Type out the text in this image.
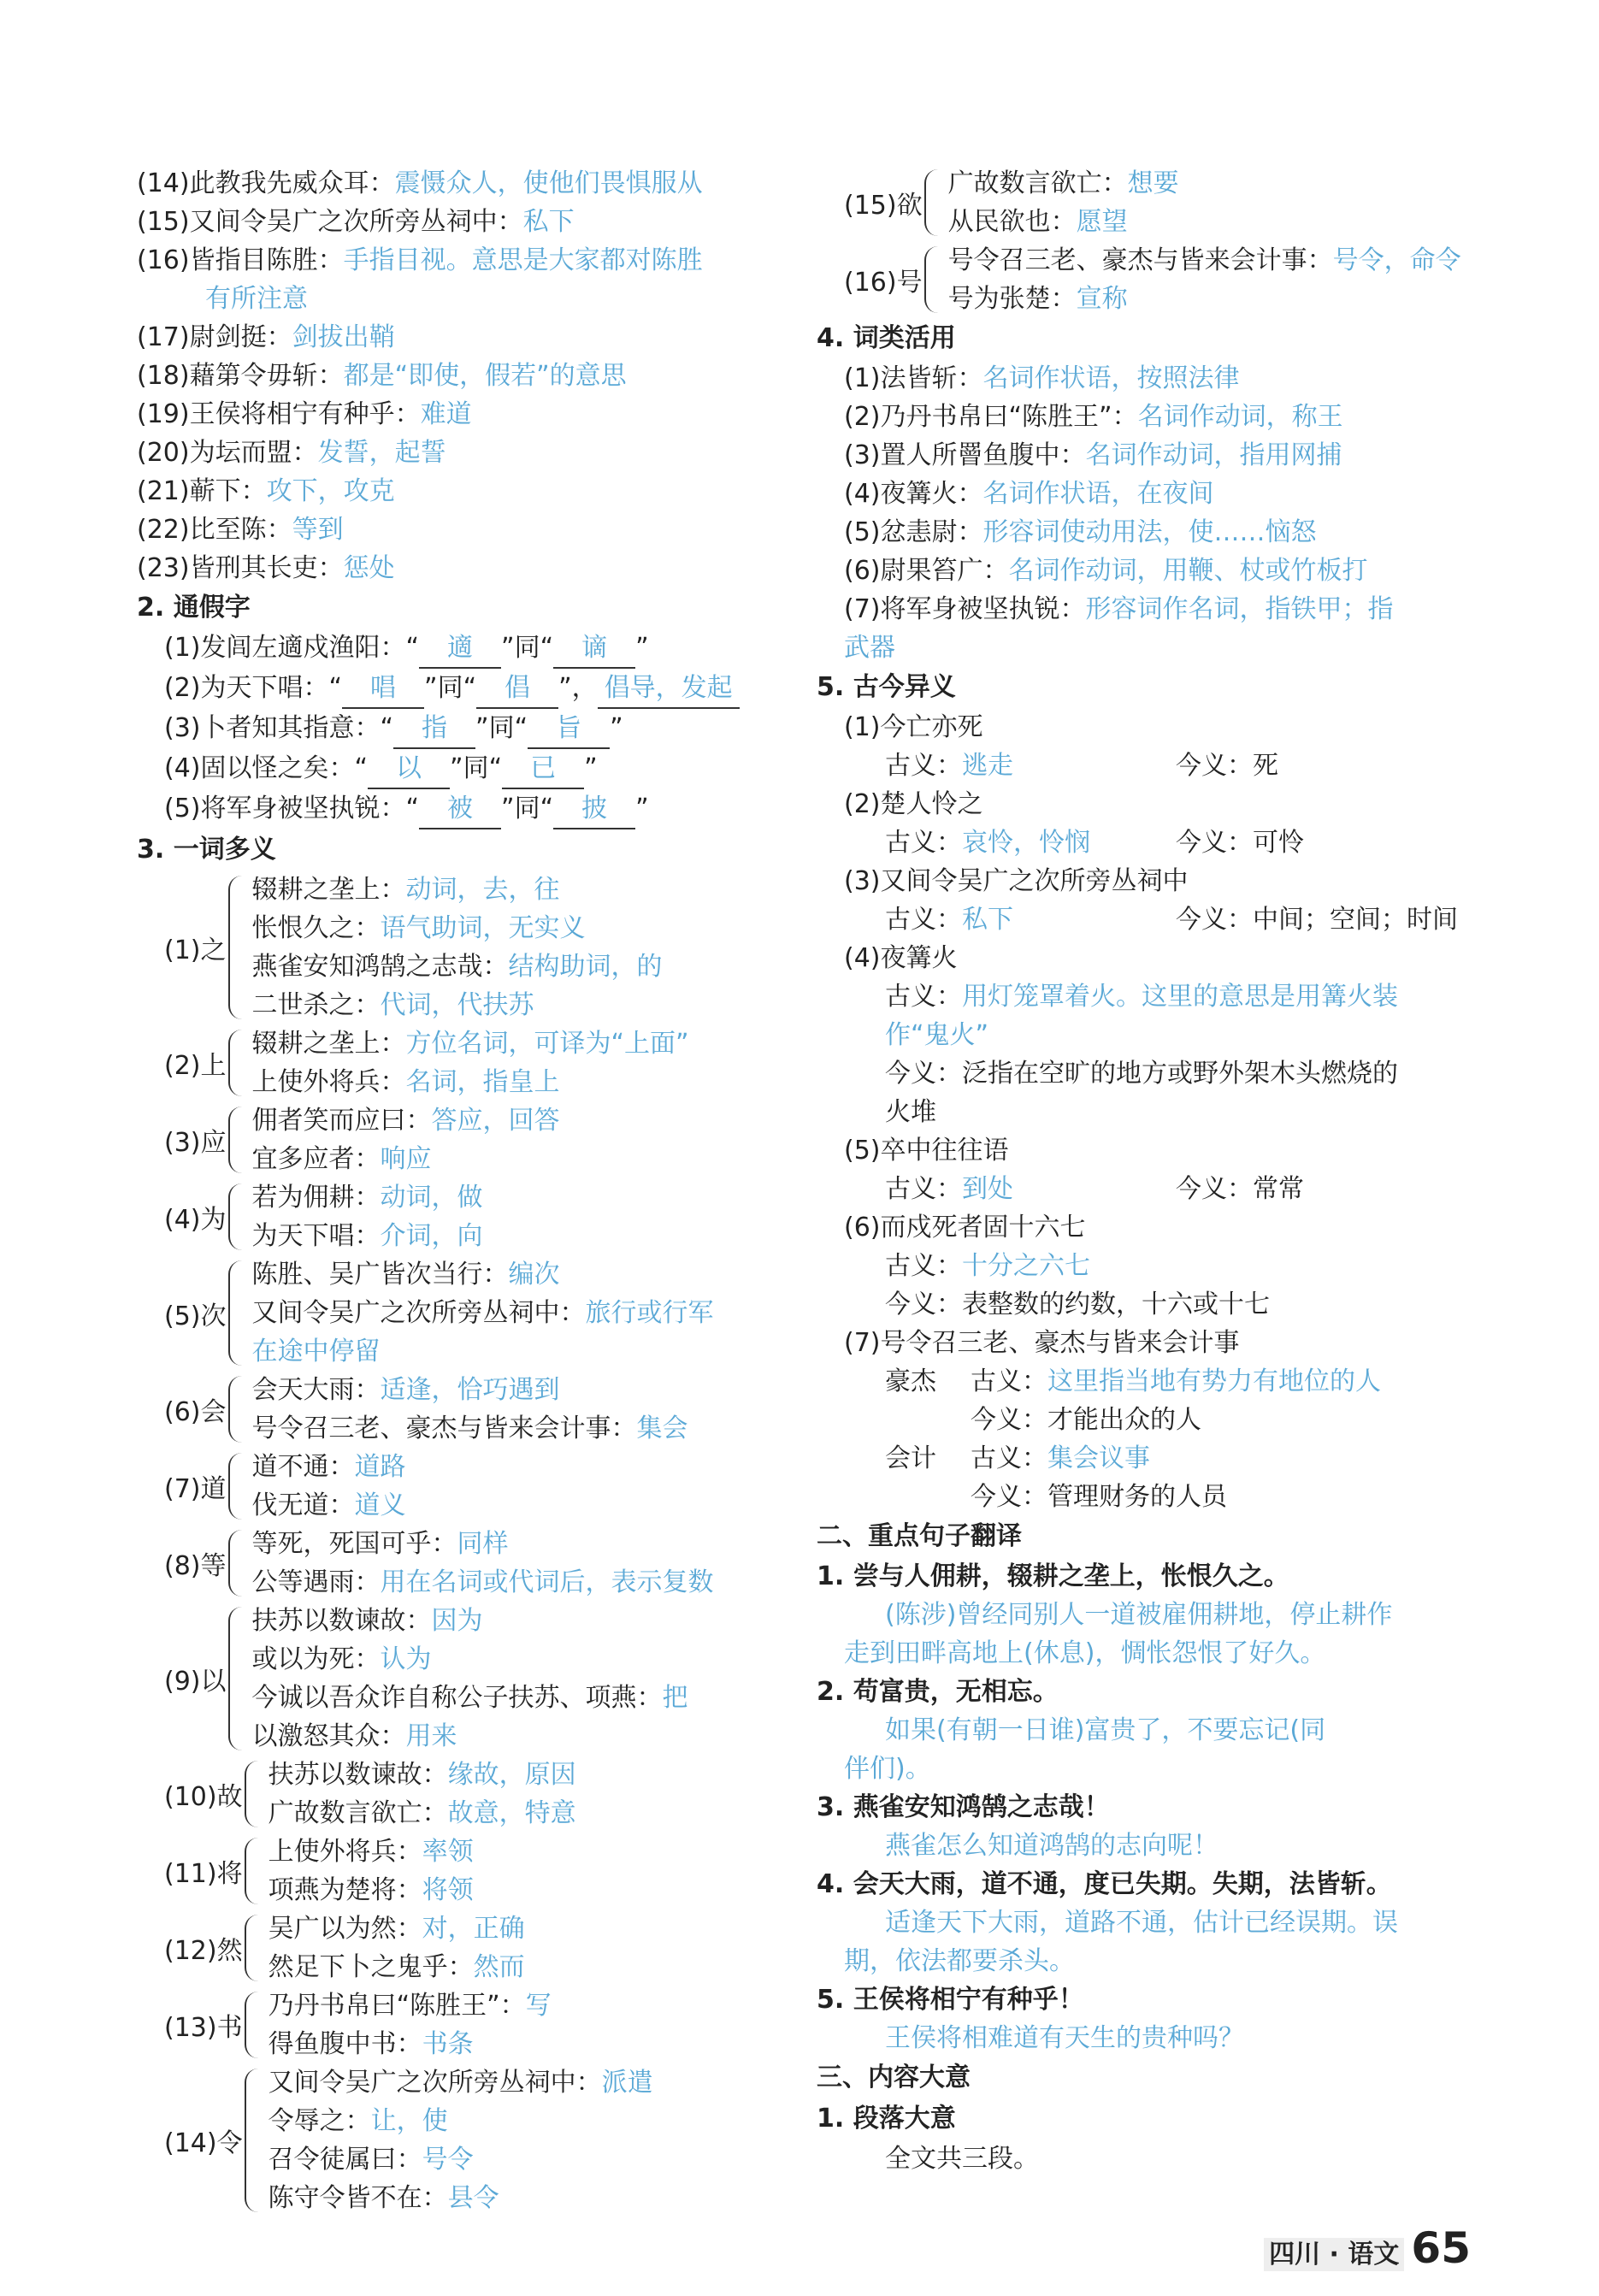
(14)此教我先威众耳：震慑众人，使他们畏惧服从
(15)又间令吴广之次所旁丛祠中：私下
(16)皆指目陈胜：手指目视。意思是大家都对陈胜
有所注意
(17)尉剑挺：剑拔出鞘
(18)藉第令毋斩：都是“即使，假若”的意思
(19)王侯将相宁有种乎：难道
(20)为坛而盟：发誓，起誓
(21)蕲下：攻下，攻克
(22)比至陈：等到
(23)皆刑其长吏：惩处
2. 通假字
(1)发闾左適戍渔阳：“ 適 ”同“ 谪 ”
(2)为天下唱：“ 唱 ”同“ 倡 ”， 倡导，发起
(3)卜者知其指意：“ 指 ”同“ 旨 ”
(4)固以怪之矣：“ 以 ”同“ 已 ”
(5)将军身被坚执锐：“ 被 ”同“ 披 ”
3. 一词多义
(1)之
辍耕之垄上：动词，去，往
怅恨久之：语气助词，无实义
燕雀安知鸿鹄之志哉：结构助词，的
二世杀之：代词，代扶苏
(2)上
辍耕之垄上：方位名词，可译为“上面”
上使外将兵：名词，指皇上
(3)应
佣者笑而应曰：答应，回答
宜多应者：响应
(4)为
若为佣耕：动词，做
为天下唱：介词，向
(5)次
陈胜、吴广皆次当行：编次
又间令吴广之次所旁丛祠中：旅行或行军
在途中停留
(6)会
会天大雨：适逢，恰巧遇到
号令召三老、豪杰与皆来会计事：集会
(7)道
道不通：道路
伐无道：道义
(8)等
等死，死国可乎：同样
公等遇雨：用在名词或代词后，表示复数
(9)以
扶苏以数谏故：因为
或以为死：认为
今诚以吾众诈自称公子扶苏、项燕：把
以激怒其众：用来
(10)故
扶苏以数谏故：缘故，原因
广故数言欲亡：故意，特意
(11)将
上使外将兵：率领
项燕为楚将：将领
(12)然
吴广以为然：对，正确
然足下卜之鬼乎：然而
(13)书
乃丹书帛曰“陈胜王”：写
得鱼腹中书：书条
(14)令
又间令吴广之次所旁丛祠中：派遣
令辱之：让，使
召令徒属曰：号令
陈守令皆不在：县令
(15)欲
广故数言欲亡：想要
从民欲也：愿望
(16)号
号令召三老、豪杰与皆来会计事：号令，命令
号为张楚：宣称
4. 词类活用
(1)法皆斩：名词作状语，按照法律
(2)乃丹书帛曰“陈胜王”：名词作动词，称王
(3)置人所罾鱼腹中：名词作动词，指用网捕
(4)夜篝火：名词作状语，在夜间
(5)忿恚尉：形容词使动用法，使……恼怒
(6)尉果笞广：名词作动词，用鞭、杖或竹板打
(7)将军身被坚执锐：形容词作名词，指铁甲；指
武器
5. 古今异义
(1)今亡亦死
古义：逃走	今义：死
(2)楚人怜之
古义：哀怜，怜悯	今义：可怜
(3)又间令吴广之次所旁丛祠中
古义：私下	今义：中间；空间；时间
(4)夜篝火
古义：用灯笼罩着火。这里的意思是用篝火装
作“鬼火”
今义：泛指在空旷的地方或野外架木头燃烧的
火堆
(5)卒中往往语
古义：到处	今义：常常
(6)而戍死者固十六七
古义：十分之六七
今义：表整数的约数，十六或十七
(7)号令召三老、豪杰与皆来会计事
豪杰 古义：这里指当地有势力有地位的人
今义：才能出众的人
会计 古义：集会议事
今义：管理财务的人员
二、重点句子翻译
1. 尝与人佣耕，辍耕之垄上，怅恨久之。
(陈涉)曾经同别人一道被雇佣耕地，停止耕作
走到田畔高地上(休息)，惆怅怨恨了好久。
2. 苟富贵，无相忘。
如果(有朝一日谁)富贵了，不要忘记(同
伴们)。
3. 燕雀安知鸿鹄之志哉！
燕雀怎么知道鸿鹄的志向呢！
4. 会天大雨，道不通，度已失期。失期，法皆斩。
适逢天下大雨，道路不通，估计已经误期。误
期，依法都要杀头。
5. 王侯将相宁有种乎！
王侯将相难道有天生的贵种吗？
三、内容大意
1. 段落大意
全文共三段。
四川 · 语文 65
